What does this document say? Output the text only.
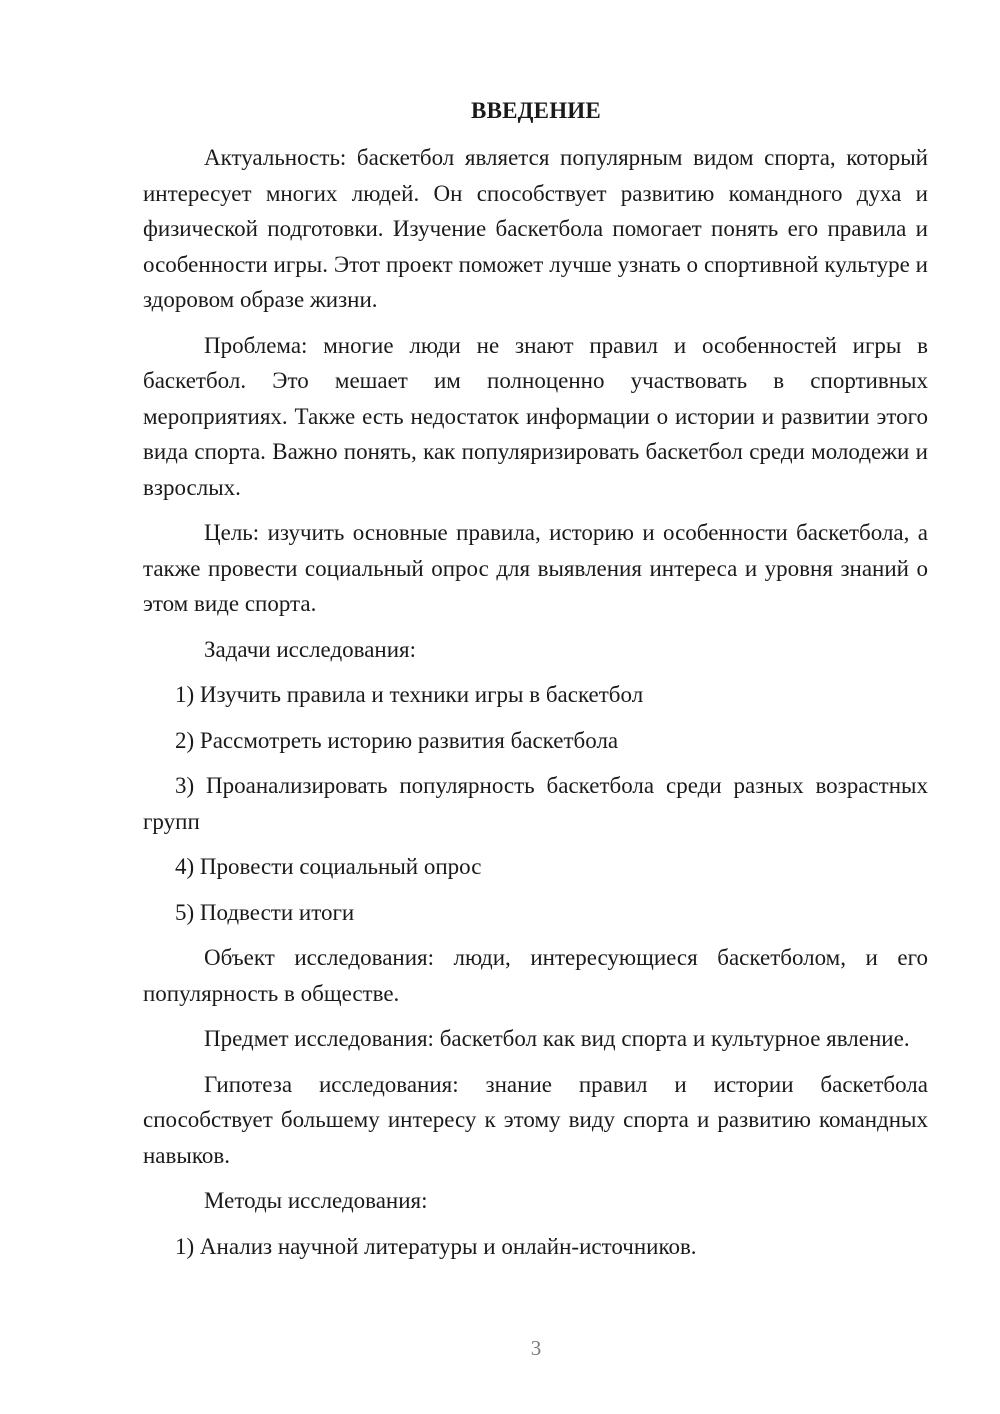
ВВЕДЕНИЕ

Актуальность: баскетбол является популярным видом спорта, который интересует многих людей. Он способствует развитию командного духа и физической подготовки. Изучение баскетбола помогает понять его правила и особенности игры. Этот проект поможет лучше узнать о спортивной культуре и здоровом образе жизни.

Проблема: многие люди не знают правил и особенностей игры в баскетбол. Это мешает им полноценно участвовать в спортивных мероприятиях. Также есть недостаток информации о истории и развитии этого вида спорта. Важно понять, как популяризировать баскетбол среди молодежи и взрослых.

Цель: изучить основные правила, историю и особенности баскетбола, а также провести социальный опрос для выявления интереса и уровня знаний о этом виде спорта.

Задачи исследования:

1) Изучить правила и техники игры в баскетбол

2) Рассмотреть историю развития баскетбола

3) Проанализировать популярность баскетбола среди разных возрастных групп

4) Провести социальный опрос

5) Подвести итоги

Объект исследования: люди, интересующиеся баскетболом, и его популярность в обществе.

Предмет исследования: баскетбол как вид спорта и культурное явление.

Гипотеза исследования: знание правил и истории баскетбола способствует большему интересу к этому виду спорта и развитию командных навыков.

Методы исследования:

1) Анализ научной литературы и онлайн-источников.

3
